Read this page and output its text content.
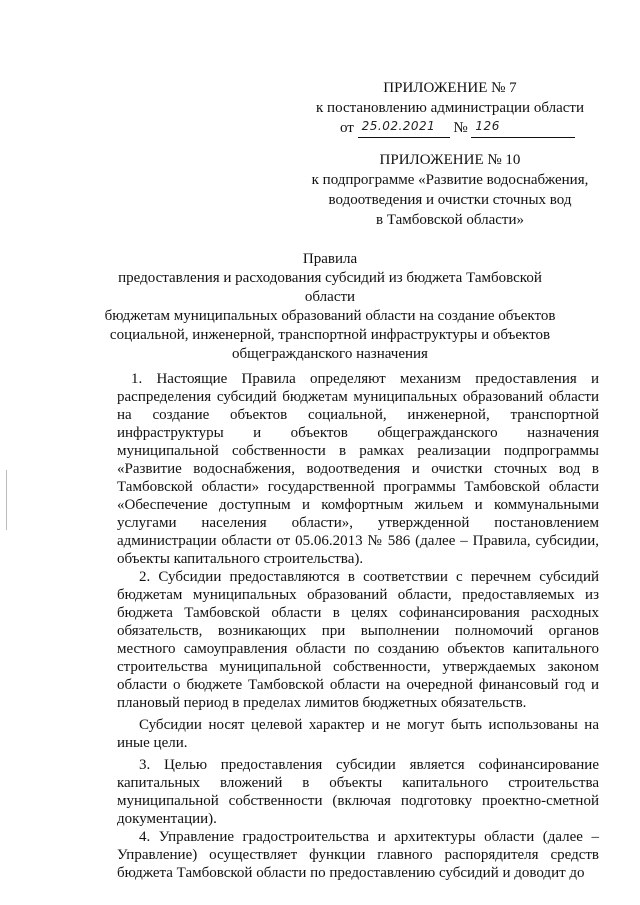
ПРИЛОЖЕНИЕ № 7
к постановлению администрации области
от 25.02.2021 № 126
ПРИЛОЖЕНИЕ № 10
к подпрограмме «Развитие водоснабжения,
водоотведения и очистки сточных вод
в Тамбовской области»
Правила
предоставления и расходования субсидий из бюджета Тамбовской области
бюджетам муниципальных образований области на создание объектов
социальной, инженерной, транспортной инфраструктуры и объектов
общегражданского назначения

1. Настоящие Правила определяют механизм предоставления и распределения субсидий бюджетам муниципальных образований области на создание объектов социальной, инженерной, транспортной инфраструктуры и объектов общегражданского назначения муниципальной собственности в рамках реализации подпрограммы «Развитие водоснабжения, водоотведения и очистки сточных вод в Тамбовской области» государственной программы Тамбовской области «Обеспечение доступным и комфортным жильем и коммунальными услугами населения области», утвержденной постановлением администрации области от 05.06.2013 № 586 (далее – Правила, субсидии, объекты капитального строительства).

2. Субсидии предоставляются в соответствии с перечнем субсидий бюджетам муниципальных образований области, предоставляемых из бюджета Тамбовской области в целях софинансирования расходных обязательств, возникающих при выполнении полномочий органов местного самоуправления области по созданию объектов капитального строительства муниципальной собственности, утверждаемых законом области о бюджете Тамбовской области на очередной финансовый год и плановый период в пределах лимитов бюджетных обязательств.

Субсидии носят целевой характер и не могут быть использованы на иные цели.

3. Целью предоставления субсидии является софинансирование капитальных вложений в объекты капитального строительства муниципальной собственности (включая подготовку проектно-сметной документации).

4. Управление градостроительства и архитектуры области (далее – Управление) осуществляет функции главного распорядителя средств бюджета Тамбовской области по предоставлению субсидий и доводит до
